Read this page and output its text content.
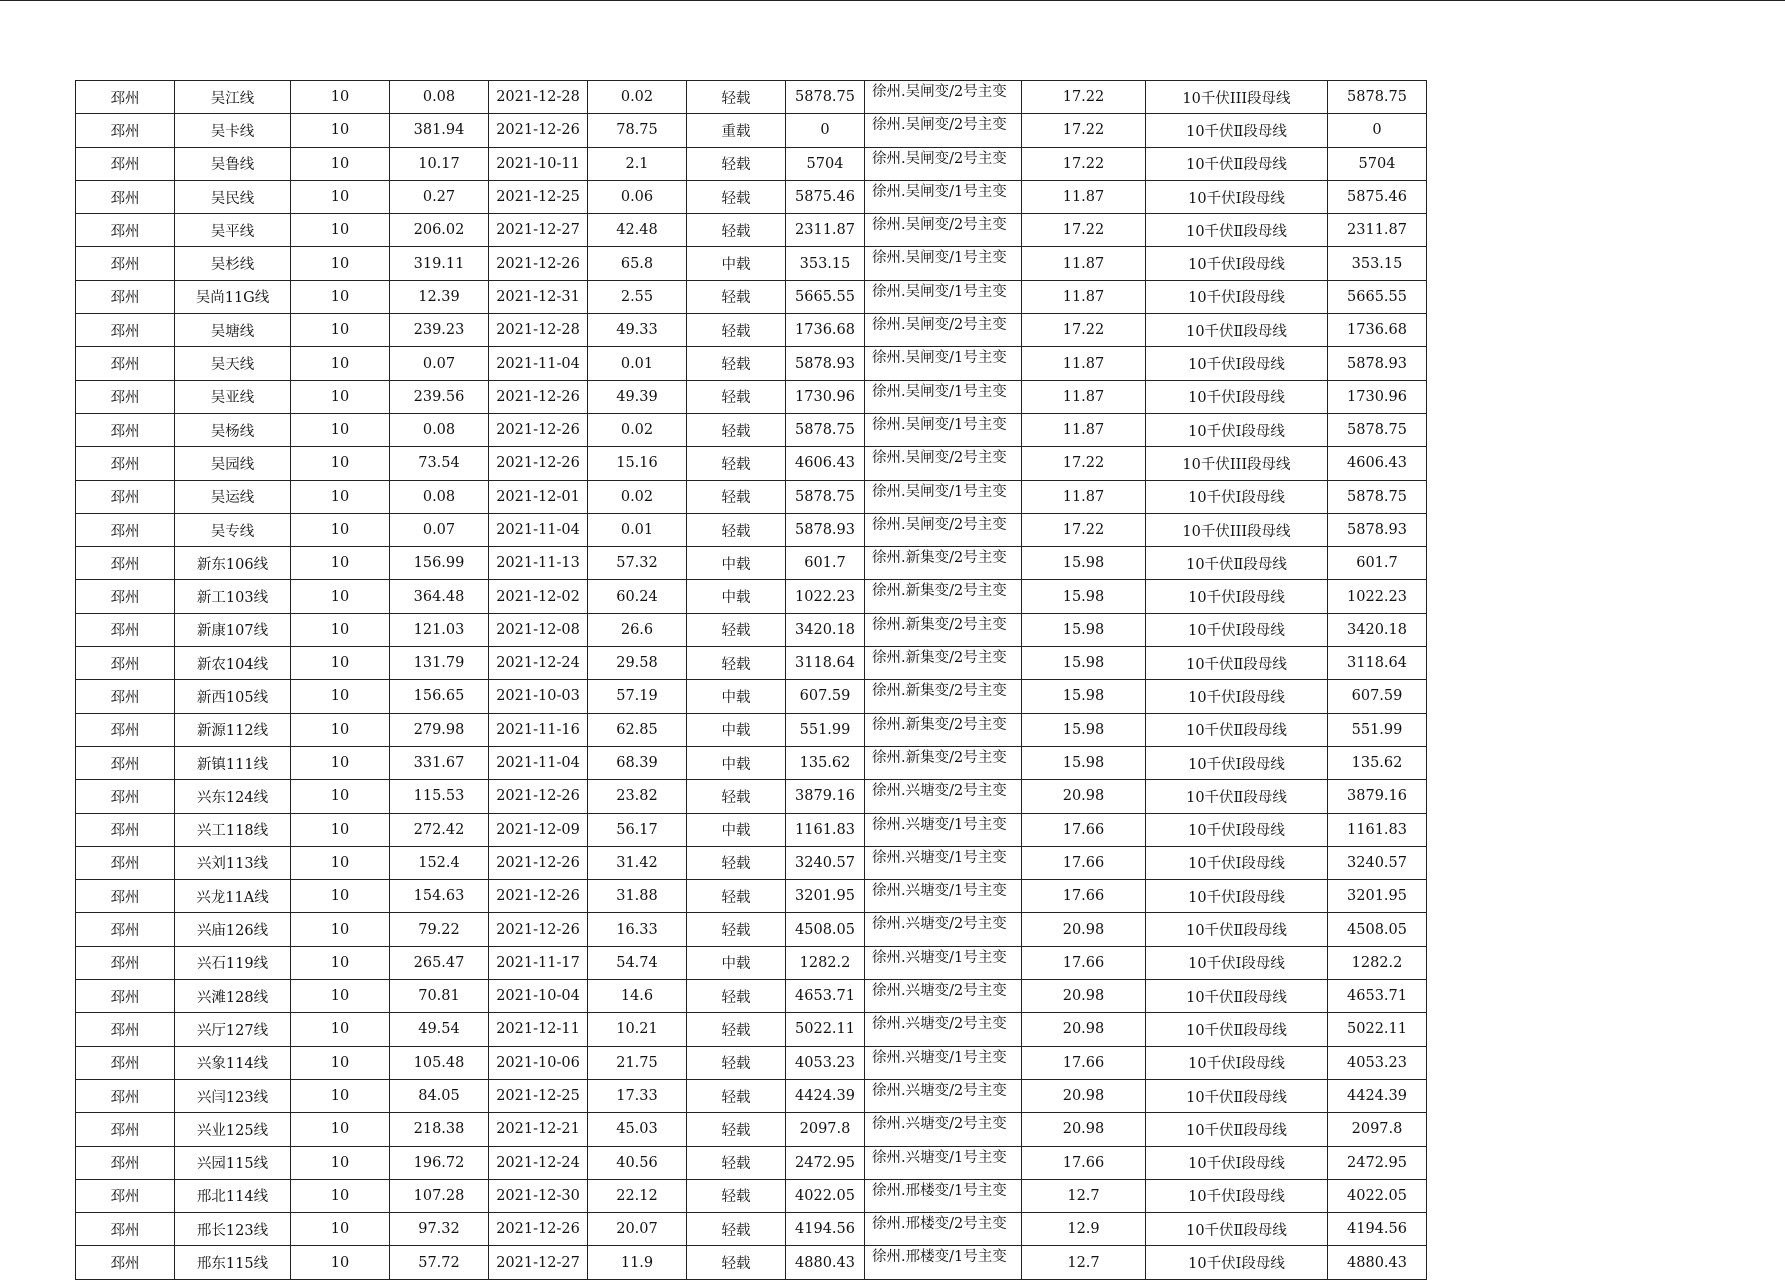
邳州	吴江线	10	0.08	2021-12-28	0.02	轻载	5878.75	徐州.吴闸变/2号主变	17.22	10千伏III段母线	5878.75
邳州	吴卡线	10	381.94	2021-12-26	78.75	重载	0	徐州.吴闸变/2号主变	17.22	10千伏Ⅱ段母线	0
邳州	吴鲁线	10	10.17	2021-10-11	2.1	轻载	5704	徐州.吴闸变/2号主变	17.22	10千伏Ⅱ段母线	5704
邳州	吴民线	10	0.27	2021-12-25	0.06	轻载	5875.46	徐州.吴闸变/1号主变	11.87	10千伏Ⅰ段母线	5875.46
邳州	吴平线	10	206.02	2021-12-27	42.48	轻载	2311.87	徐州.吴闸变/2号主变	17.22	10千伏Ⅱ段母线	2311.87
邳州	吴杉线	10	319.11	2021-12-26	65.8	中载	353.15	徐州.吴闸变/1号主变	11.87	10千伏Ⅰ段母线	353.15
邳州	吴尚11G线	10	12.39	2021-12-31	2.55	轻载	5665.55	徐州.吴闸变/1号主变	11.87	10千伏Ⅰ段母线	5665.55
邳州	吴塘线	10	239.23	2021-12-28	49.33	轻载	1736.68	徐州.吴闸变/2号主变	17.22	10千伏Ⅱ段母线	1736.68
邳州	吴天线	10	0.07	2021-11-04	0.01	轻载	5878.93	徐州.吴闸变/1号主变	11.87	10千伏Ⅰ段母线	5878.93
邳州	吴亚线	10	239.56	2021-12-26	49.39	轻载	1730.96	徐州.吴闸变/1号主变	11.87	10千伏Ⅰ段母线	1730.96
邳州	吴杨线	10	0.08	2021-12-26	0.02	轻载	5878.75	徐州.吴闸变/1号主变	11.87	10千伏Ⅰ段母线	5878.75
邳州	吴园线	10	73.54	2021-12-26	15.16	轻载	4606.43	徐州.吴闸变/2号主变	17.22	10千伏III段母线	4606.43
邳州	吴运线	10	0.08	2021-12-01	0.02	轻载	5878.75	徐州.吴闸变/1号主变	11.87	10千伏Ⅰ段母线	5878.75
邳州	吴专线	10	0.07	2021-11-04	0.01	轻载	5878.93	徐州.吴闸变/2号主变	17.22	10千伏III段母线	5878.93
邳州	新东106线	10	156.99	2021-11-13	57.32	中载	601.7	徐州.新集变/2号主变	15.98	10千伏Ⅱ段母线	601.7
邳州	新工103线	10	364.48	2021-12-02	60.24	中载	1022.23	徐州.新集变/2号主变	15.98	10千伏Ⅰ段母线	1022.23
邳州	新康107线	10	121.03	2021-12-08	26.6	轻载	3420.18	徐州.新集变/2号主变	15.98	10千伏Ⅰ段母线	3420.18
邳州	新农104线	10	131.79	2021-12-24	29.58	轻载	3118.64	徐州.新集变/2号主变	15.98	10千伏Ⅱ段母线	3118.64
邳州	新西105线	10	156.65	2021-10-03	57.19	中载	607.59	徐州.新集变/2号主变	15.98	10千伏Ⅰ段母线	607.59
邳州	新源112线	10	279.98	2021-11-16	62.85	中载	551.99	徐州.新集变/2号主变	15.98	10千伏Ⅱ段母线	551.99
邳州	新镇111线	10	331.67	2021-11-04	68.39	中载	135.62	徐州.新集变/2号主变	15.98	10千伏Ⅰ段母线	135.62
邳州	兴东124线	10	115.53	2021-12-26	23.82	轻载	3879.16	徐州.兴塘变/2号主变	20.98	10千伏Ⅱ段母线	3879.16
邳州	兴工118线	10	272.42	2021-12-09	56.17	中载	1161.83	徐州.兴塘变/1号主变	17.66	10千伏Ⅰ段母线	1161.83
邳州	兴刘113线	10	152.4	2021-12-26	31.42	轻载	3240.57	徐州.兴塘变/1号主变	17.66	10千伏Ⅰ段母线	3240.57
邳州	兴龙11A线	10	154.63	2021-12-26	31.88	轻载	3201.95	徐州.兴塘变/1号主变	17.66	10千伏Ⅰ段母线	3201.95
邳州	兴庙126线	10	79.22	2021-12-26	16.33	轻载	4508.05	徐州.兴塘变/2号主变	20.98	10千伏Ⅱ段母线	4508.05
邳州	兴石119线	10	265.47	2021-11-17	54.74	中载	1282.2	徐州.兴塘变/1号主变	17.66	10千伏Ⅰ段母线	1282.2
邳州	兴滩128线	10	70.81	2021-10-04	14.6	轻载	4653.71	徐州.兴塘变/2号主变	20.98	10千伏Ⅱ段母线	4653.71
邳州	兴厅127线	10	49.54	2021-12-11	10.21	轻载	5022.11	徐州.兴塘变/2号主变	20.98	10千伏Ⅱ段母线	5022.11
邳州	兴象114线	10	105.48	2021-10-06	21.75	轻载	4053.23	徐州.兴塘变/1号主变	17.66	10千伏Ⅰ段母线	4053.23
邳州	兴闫123线	10	84.05	2021-12-25	17.33	轻载	4424.39	徐州.兴塘变/2号主变	20.98	10千伏Ⅱ段母线	4424.39
邳州	兴业125线	10	218.38	2021-12-21	45.03	轻载	2097.8	徐州.兴塘变/2号主变	20.98	10千伏Ⅱ段母线	2097.8
邳州	兴园115线	10	196.72	2021-12-24	40.56	轻载	2472.95	徐州.兴塘变/1号主变	17.66	10千伏Ⅰ段母线	2472.95
邳州	邢北114线	10	107.28	2021-12-30	22.12	轻载	4022.05	徐州.邢楼变/1号主变	12.7	10千伏Ⅰ段母线	4022.05
邳州	邢长123线	10	97.32	2021-12-26	20.07	轻载	4194.56	徐州.邢楼变/2号主变	12.9	10千伏Ⅱ段母线	4194.56
邳州	邢东115线	10	57.72	2021-12-27	11.9	轻载	4880.43	徐州.邢楼变/1号主变	12.7	10千伏Ⅰ段母线	4880.43
